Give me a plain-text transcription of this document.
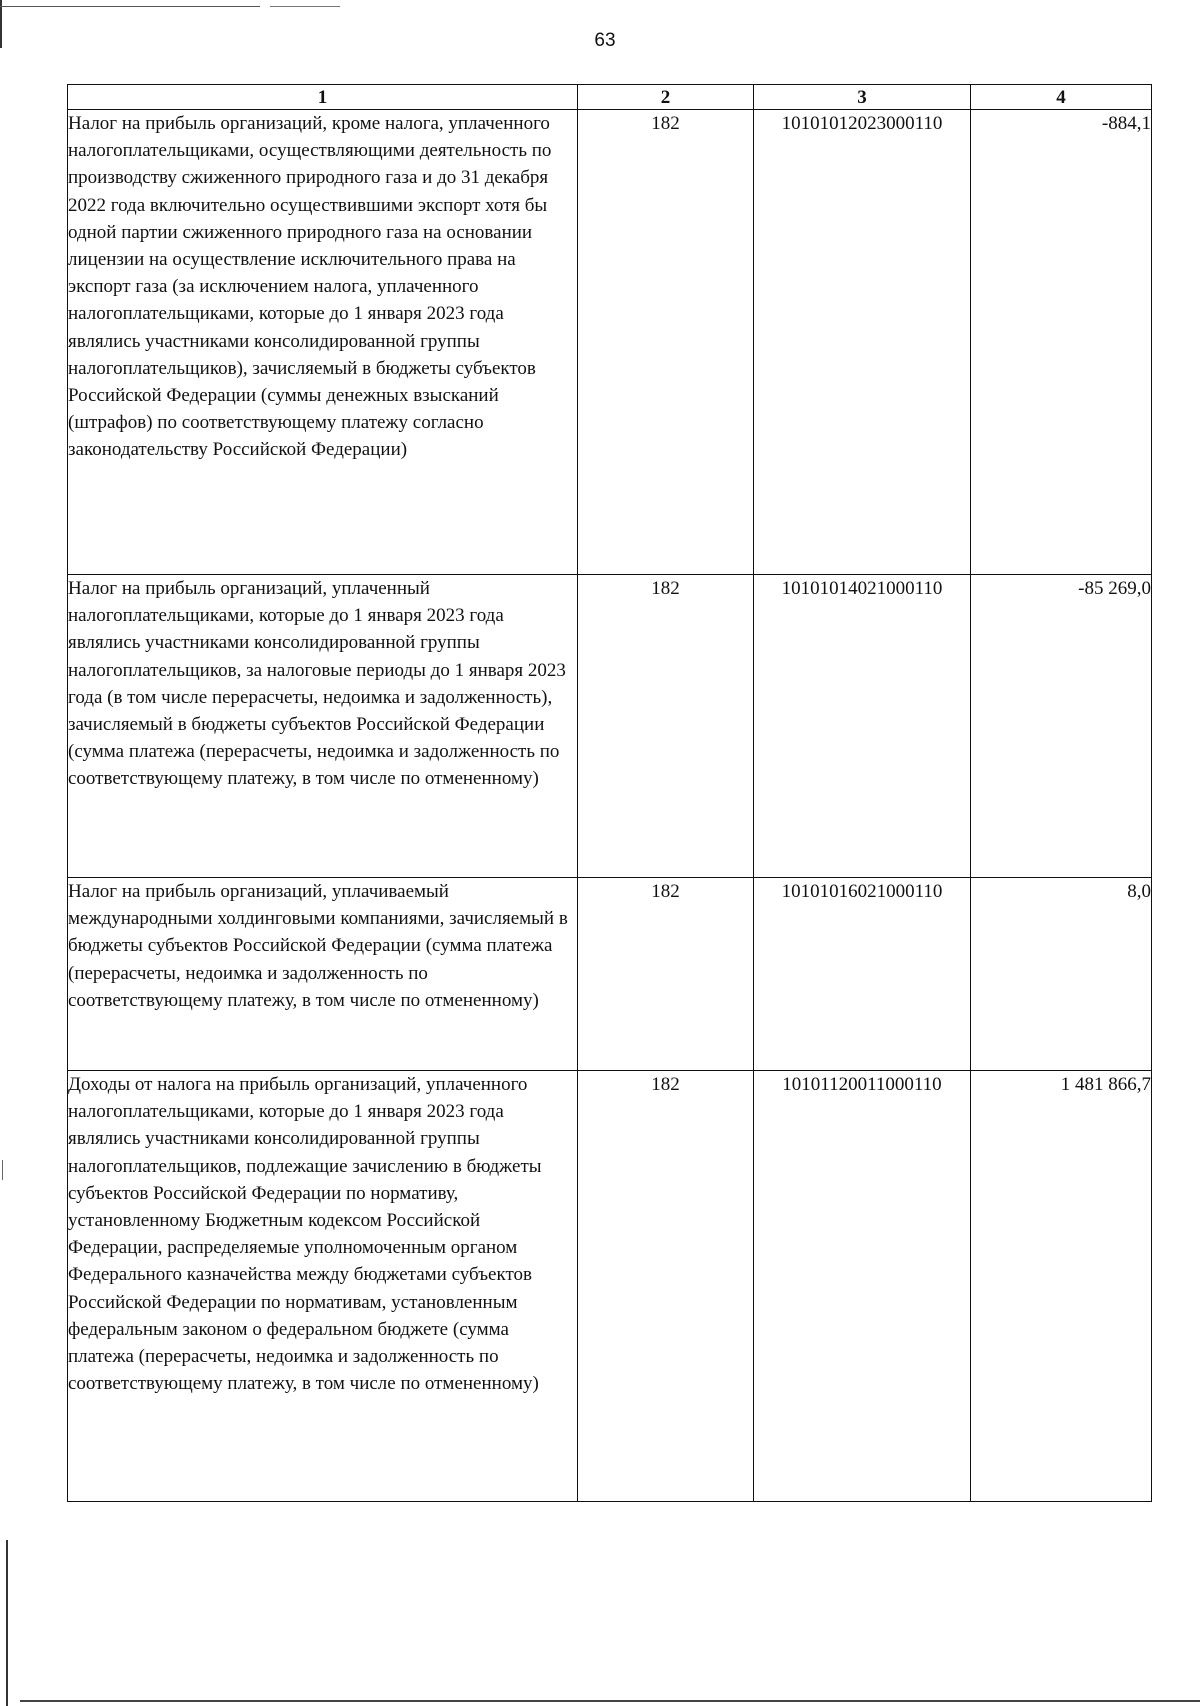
63
1	2	3	4
Налог на прибыль организаций, кроме налога, уплаченного налогоплательщиками, осуществляющими деятельность по производству сжиженного природного газа и до 31 декабря 2022 года включительно осуществившими экспорт хотя бы одной партии сжиженного природного газа на основании лицензии на осуществление исключительного права на экспорт газа (за исключением налога, уплаченного налогоплательщиками, которые до 1 января 2023 года являлись участниками консолидированной группы налогоплательщиков), зачисляемый в бюджеты субъектов Российской Федерации (суммы денежных взысканий (штрафов) по соответствующему платежу согласно законодательству Российской Федерации)	182	10101012023000110	-884,1
Налог на прибыль организаций, уплаченный налогоплательщиками, которые до 1 января 2023 года являлись участниками консолидированной группы налогоплательщиков, за налоговые периоды до 1 января 2023 года (в том числе перерасчеты, недоимка и задолженность), зачисляемый в бюджеты субъектов Российской Федерации (сумма платежа (перерасчеты, недоимка и задолженность по соответствующему платежу, в том числе по отмененному)	182	10101014021000110	-85 269,0
Налог на прибыль организаций, уплачиваемый международными холдинговыми компаниями, зачисляемый в бюджеты субъектов Российской Федерации (сумма платежа (перерасчеты, недоимка и задолженность по соответствующему платежу, в том числе по отмененному)	182	10101016021000110	8,0
Доходы от налога на прибыль организаций, уплаченного налогоплательщиками, которые до 1 января 2023 года являлись участниками консолидированной группы налогоплательщиков, подлежащие зачислению в бюджеты субъектов Российской Федерации по нормативу, установленному Бюджетным кодексом Российской Федерации, распределяемые уполномоченным органом Федерального казначейства между бюджетами субъектов Российской Федерации по нормативам, установленным федеральным законом о федеральном бюджете (сумма платежа (перерасчеты, недоимка и задолженность по соответствующему платежу, в том числе по отмененному)	182	10101120011000110	1 481 866,7
